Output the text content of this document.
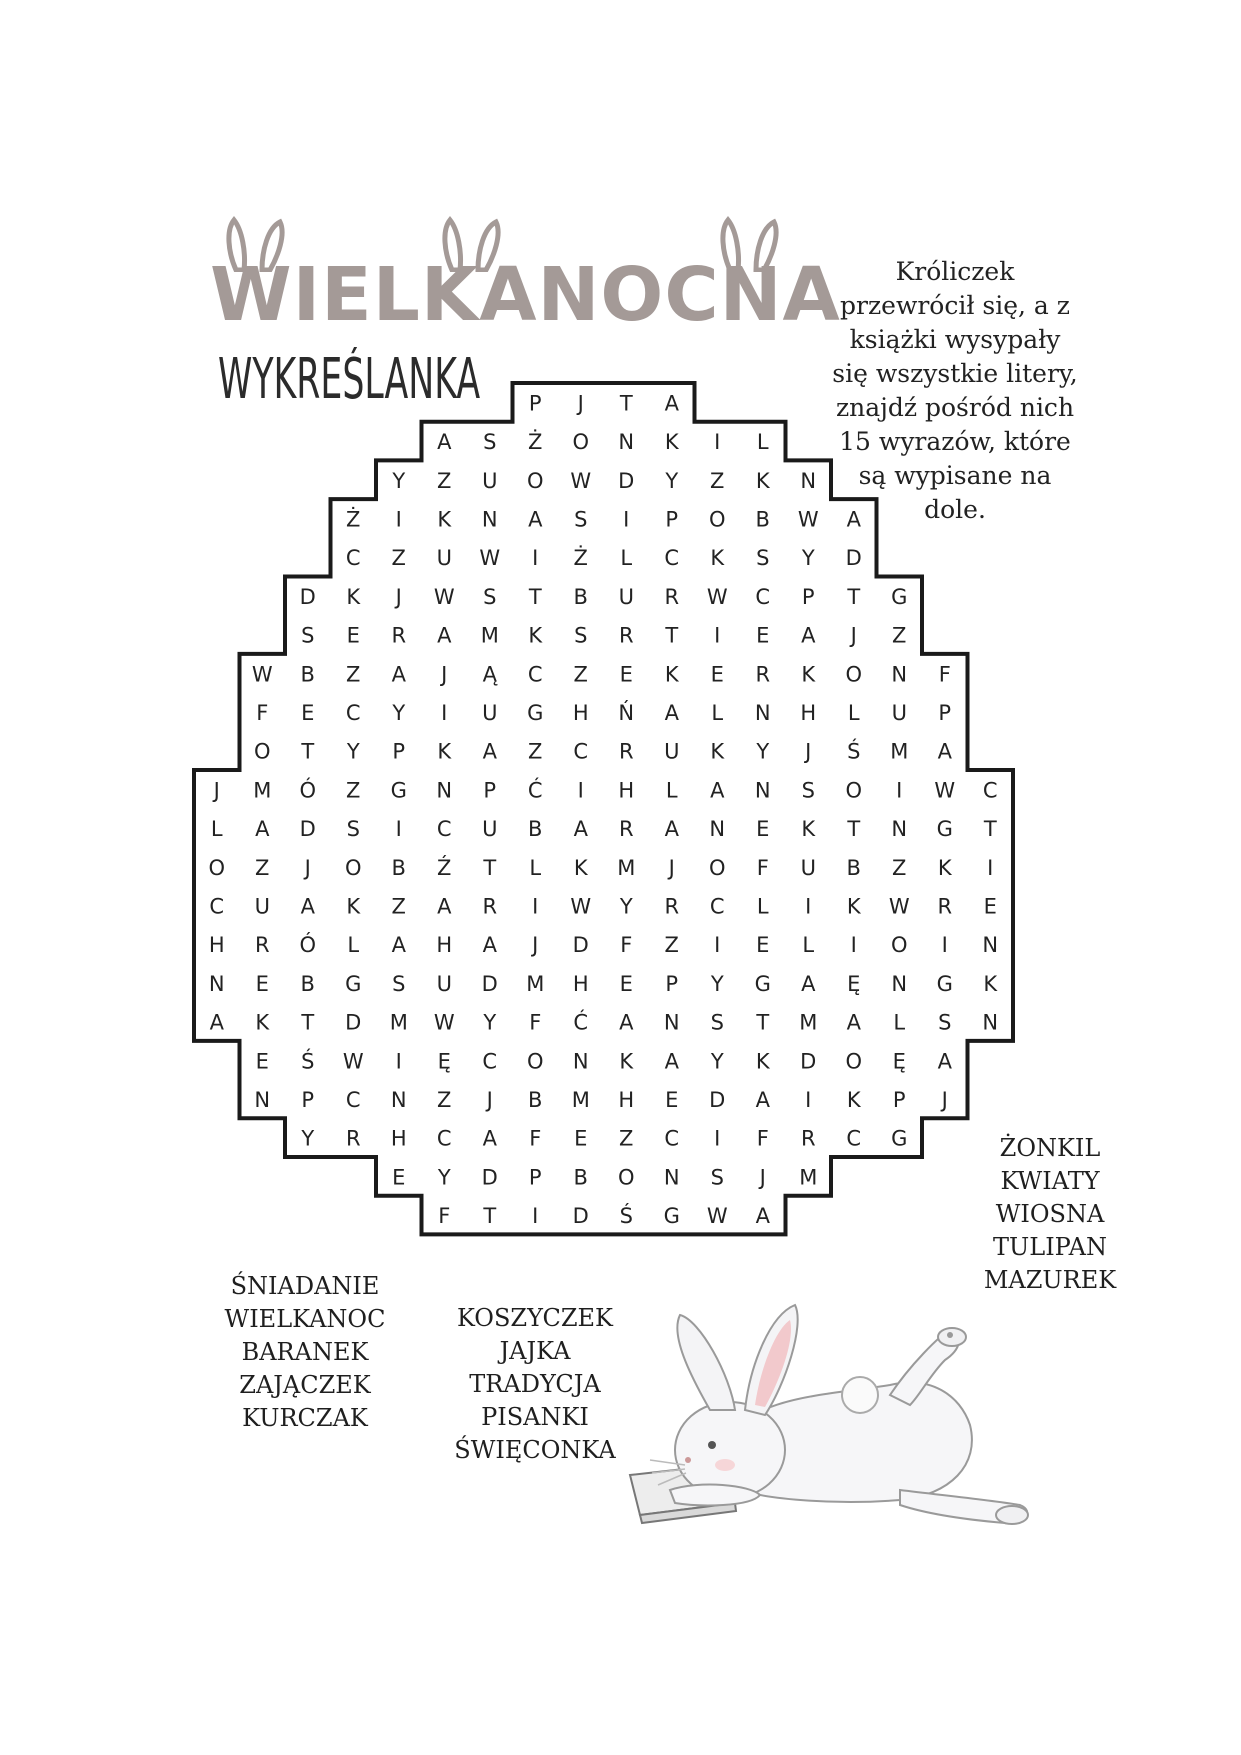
WIELKANOCNA
WYKREŚLANKA
Króliczek
przewrócił się, a z
książki wysypały
się wszystkie litery,
znajdź pośród nich
15 wyrazów, które
są wypisane na
dole.
P J T A
A S Ż O N K I L
Y Z U O W D Y Z K N
Ż I K N A S I P O B W A
C Z U W I Ż L C K S Y D
D K J W S T B U R W C P T G
S E R A M K S R T I E A J Z
W B Z A J Ą C Z E K E R K O N F
F E C Y I U G H Ń A L N H L U P
O T Y P K A Z C R U K Y J Ś M A
J M Ó Z G N P Ć I H L A N S O I W C
L A D S I C U B A R A N E K T N G T
O Z J O B Ź T L K M J O F U B Z K I
C U A K Z A R I W Y R C L I K W R E
H R Ó L A H A J D F Z I E L I O I N
N E B G S U D M H E P Y G A Ę N G K
A K T D M W Y F Ć A N S T M A L S N
E Ś W I Ę C O N K A Y K D O Ę A
N P C N Z J B M H E D A I K P J
Y R H C A F E Z C I F R C G
E Y D P B O N S J M
F T I D Ś G W A
ŚNIADANIE
WIELKANOC
BARANEK
ZAJĄCZEK
KURCZAK
KOSZYCZEK
JAJKA
TRADYCJA
PISANKI
ŚWIĘCONKA
ŻONKIL
KWIATY
WIOSNA
TULIPAN
MAZUREK
